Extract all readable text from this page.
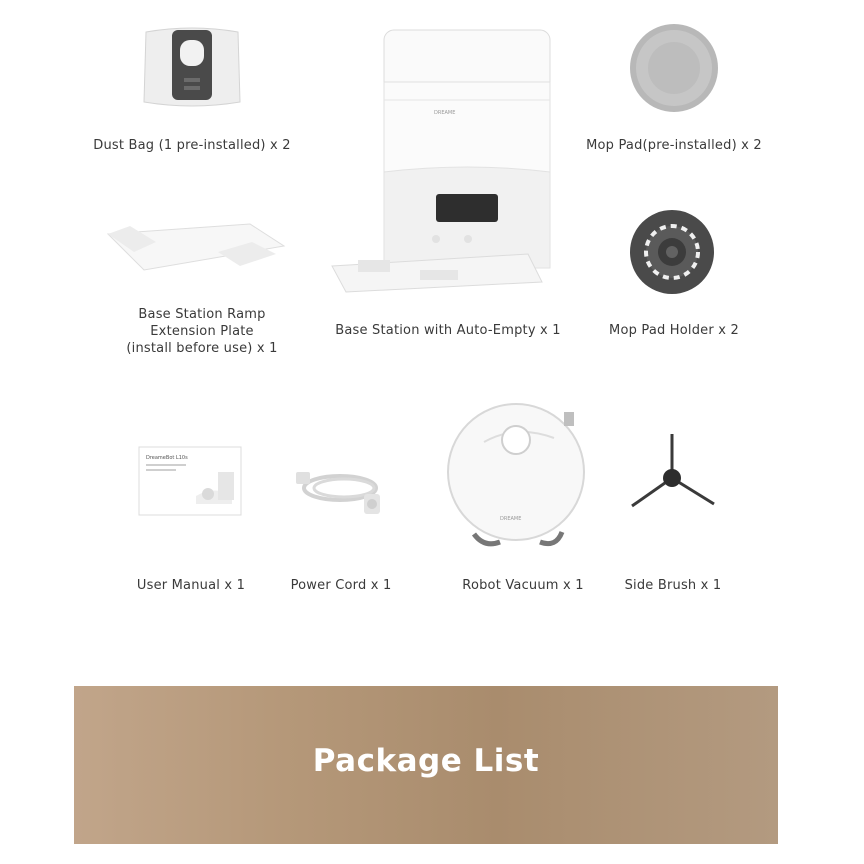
Dust Bag (1 pre-installed) x 2
DREAME
Base Station with Auto-Empty x 1
Mop Pad(pre-installed) x 2
Base Station Ramp
Extension Plate
(install before use) x 1
Mop Pad Holder x 2
DreameBot L10s
User Manual x 1	Power Cord x 1
DREAME
Robot Vacuum x 1	Side Brush x 1
Package List
